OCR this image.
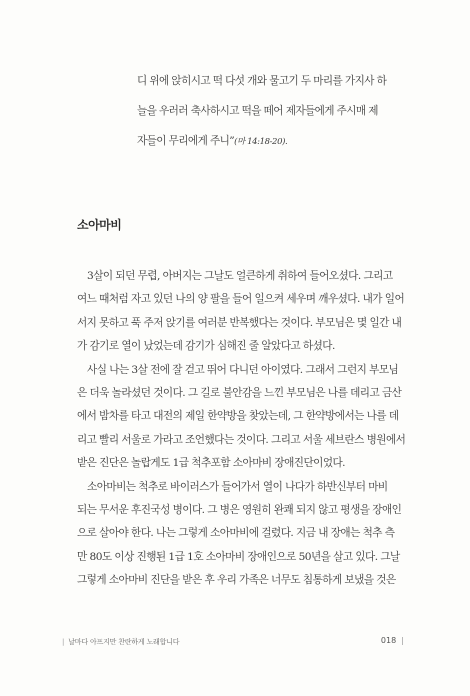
디 위에 앉히시고 떡 다섯 개와 물고기 두 마리를 가지사 하
늘을 우러러 축사하시고 떡을 떼어 제자들에게 주시매 제
자들이 무리에게 주니”(마 14:18-20).
소아마비
　3살이 되던 무렵, 아버지는 그날도 얼큰하게 취하여 들어오셨다. 그리고
여느 때처럼 자고 있던 나의 양 팔을 들어 일으켜 세우며 깨우셨다. 내가 일어
서지 못하고 푹 주저 앉기를 여러분 반복했다는 것이다. 부모님은 몇 일간 내
가 감기로 열이 났었는데 감기가 심해진 줄 알았다고 하셨다.
　사실 나는 3살 전에 잘 걷고 뛰어 다니던 아이였다. 그래서 그런지 부모님
은 더욱 놀라셨던 것이다. 그 길로 불안감을 느낀 부모님은 나를 데리고 금산
에서 밤차를 타고 대전의 제일 한약방을 찾았는데, 그 한약방에서는 나를 데
리고 빨리 서울로 가라고 조언했다는 것이다. 그리고 서울 세브란스 병원에서
받은 진단은 놀랍게도 1급 척추포함 소아마비 장애진단이었다.
　소아마비는 척추로 바이러스가 들어가서 열이 나다가 하반신부터 마비
되는 무서운 후진국성 병이다. 그 병은 영원히 완쾌 되지 않고 평생을 장애인
으로 살아야 한다. 나는 그렇게 소아마비에 걸렸다. 지금 내 장애는 척추 측
만 80도 이상 진행된 1급 1호 소아마비 장애인으로 50년을 살고 있다. 그날
그렇게 소아마비 진단을 받은 후 우리 가족은 너무도 침통하게 보냈을 것은
| 날마다 아프지만 찬란하게 노래합니다	018 |
